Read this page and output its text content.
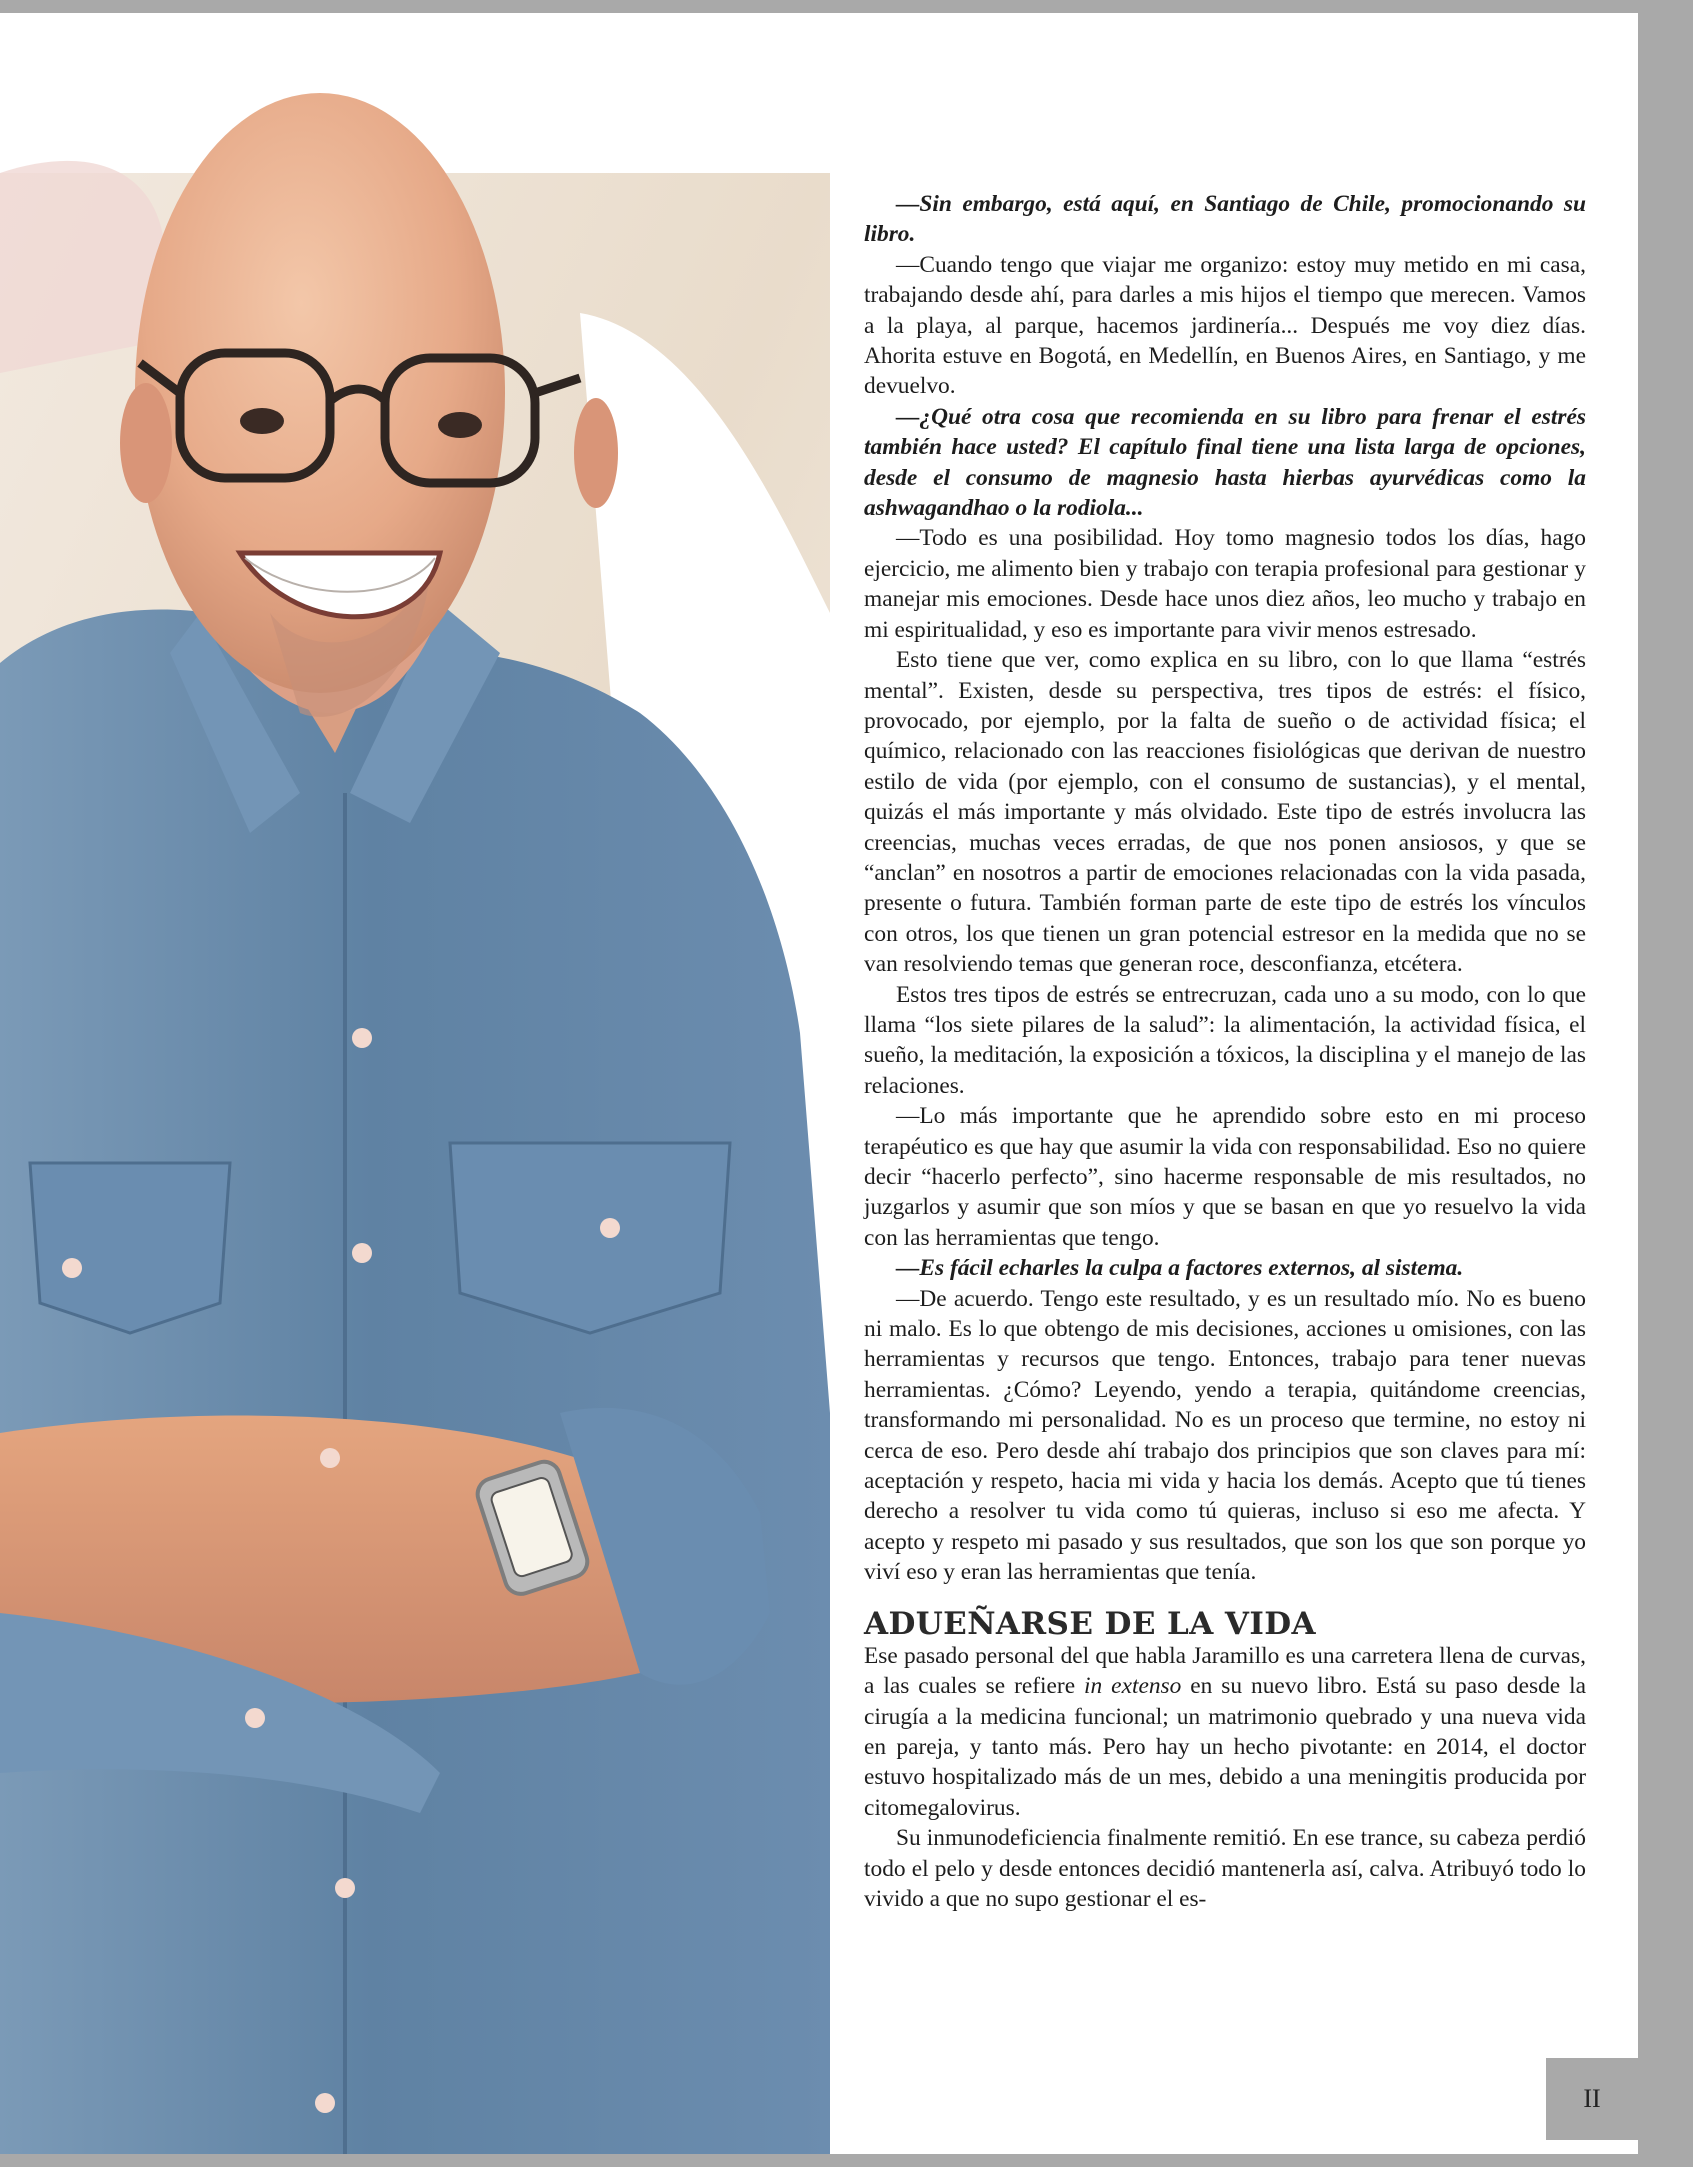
—Sin embargo, está aquí, en Santiago de Chile, promocionando su libro.

—Cuando tengo que viajar me organizo: estoy muy metido en mi casa, trabajando desde ahí, para darles a mis hijos el tiempo que merecen. Vamos a la playa, al parque, hacemos jardinería... Después me voy diez días. Ahorita estuve en Bogotá, en Medellín, en Buenos Aires, en Santiago, y me devuelvo.

—¿Qué otra cosa que recomienda en su libro para frenar el estrés también hace usted? El capítulo final tiene una lista larga de opciones, desde el consumo de magnesio hasta hierbas ayurvédicas como la ashwagandhao o la rodiola...

—Todo es una posibilidad. Hoy tomo magnesio todos los días, hago ejercicio, me alimento bien y trabajo con terapia profesional para gestionar y manejar mis emociones. Desde hace unos diez años, leo mucho y trabajo en mi espiritualidad, y eso es importante para vivir menos estresado.

Esto tiene que ver, como explica en su libro, con lo que llama “estrés mental”. Existen, desde su perspectiva, tres tipos de estrés: el físico, provocado, por ejemplo, por la falta de sueño o de actividad física; el químico, relacionado con las reacciones fisiológicas que derivan de nuestro estilo de vida (por ejemplo, con el consumo de sustancias), y el mental, quizás el más importante y más olvidado. Este tipo de estrés involucra las creencias, muchas veces erradas, de que nos ponen ansiosos, y que se “anclan” en nosotros a partir de emociones relacionadas con la vida pasada, presente o futura. También forman parte de este tipo de estrés los vínculos con otros, los que tienen un gran potencial estresor en la medida que no se van resolviendo temas que generan roce, desconfianza, etcétera.

Estos tres tipos de estrés se entrecruzan, cada uno a su modo, con lo que llama “los siete pilares de la salud”: la alimentación, la actividad física, el sueño, la meditación, la exposición a tóxicos, la disciplina y el manejo de las relaciones.

—Lo más importante que he aprendido sobre esto en mi proceso terapéutico es que hay que asumir la vida con responsabilidad. Eso no quiere decir “hacerlo perfecto”, sino hacerme responsable de mis resultados, no juzgarlos y asumir que son míos y que se basan en que yo resuelvo la vida con las herramientas que tengo.

—Es fácil echarles la culpa a factores externos, al sistema.

—De acuerdo. Tengo este resultado, y es un resultado mío. No es bueno ni malo. Es lo que obtengo de mis decisiones, acciones u omisiones, con las herramientas y recursos que tengo. Entonces, trabajo para tener nuevas herramientas. ¿Cómo? Leyendo, yendo a terapia, quitándome creencias, transformando mi personalidad. No es un proceso que termine, no estoy ni cerca de eso. Pero desde ahí trabajo dos principios que son claves para mí: aceptación y respeto, hacia mi vida y hacia los demás. Acepto que tú tienes derecho a resolver tu vida como tú quieras, incluso si eso me afecta. Y acepto y respeto mi pasado y sus resultados, que son los que son porque yo viví eso y eran las herramientas que tenía.

ADUEÑARSE DE LA VIDA

Ese pasado personal del que habla Jaramillo es una carretera llena de curvas, a las cuales se refiere in extenso en su nuevo libro. Está su paso desde la cirugía a la medicina funcional; un matrimonio quebrado y una nueva vida en pareja, y tanto más. Pero hay un hecho pivotante: en 2014, el doctor estuvo hospitalizado más de un mes, debido a una meningitis producida por citomegalovirus.

Su inmunodeficiencia finalmente remitió. En ese trance, su cabeza perdió todo el pelo y desde entonces decidió mantenerla así, calva. Atribuyó todo lo vivido a que no supo gestionar el es-

II
